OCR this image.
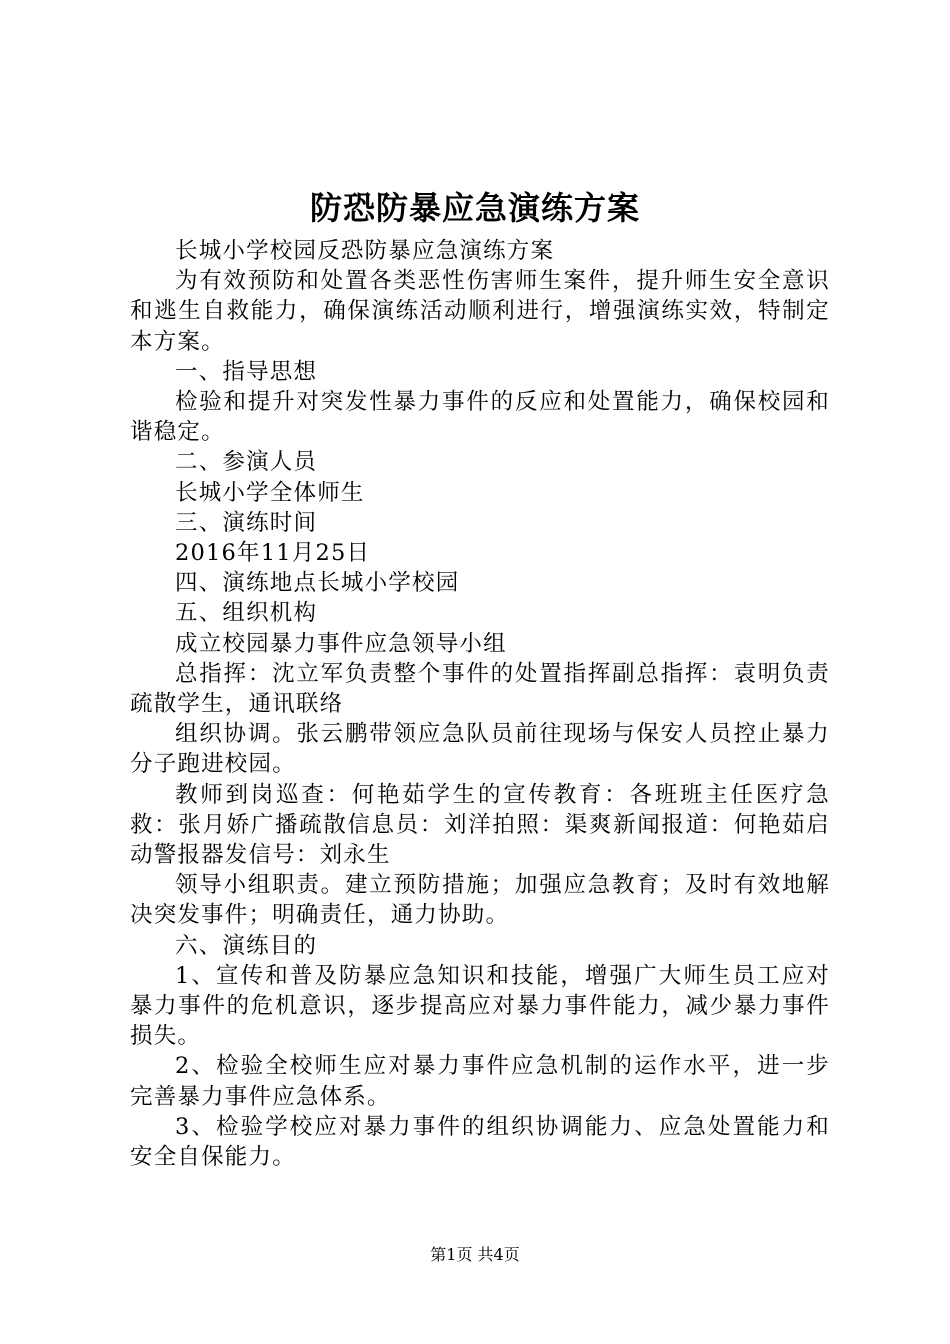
防恐防暴应急演练方案

长城小学校园反恐防暴应急演练方案

为有效预防和处置各类恶性伤害师生案件，提升师生安全意识和逃生自救能力，确保演练活动顺利进行，增强演练实效，特制定本方案。

一、指导思想

检验和提升对突发性暴力事件的反应和处置能力，确保校园和谐稳定。

二、参演人员

长城小学全体师生

三、演练时间

2016年11月25日

四、演练地点长城小学校园

五、组织机构

成立校园暴力事件应急领导小组

总指挥：沈立军负责整个事件的处置指挥副总指挥：袁明负责疏散学生，通讯联络

组织协调。张云鹏带领应急队员前往现场与保安人员控止暴力分子跑进校园。

教师到岗巡查：何艳茹学生的宣传教育：各班班主任医疗急救：张月娇广播疏散信息员：刘洋拍照：渠爽新闻报道：何艳茹启动警报器发信号：刘永生

领导小组职责。建立预防措施；加强应急教育；及时有效地解决突发事件；明确责任，通力协助。

六、演练目的

1、宣传和普及防暴应急知识和技能，增强广大师生员工应对暴力事件的危机意识，逐步提高应对暴力事件能力，减少暴力事件损失。

2、检验全校师生应对暴力事件应急机制的运作水平，进一步完善暴力事件应急体系。

3、检验学校应对暴力事件的组织协调能力、应急处置能力和安全自保能力。

第1页 共4页
